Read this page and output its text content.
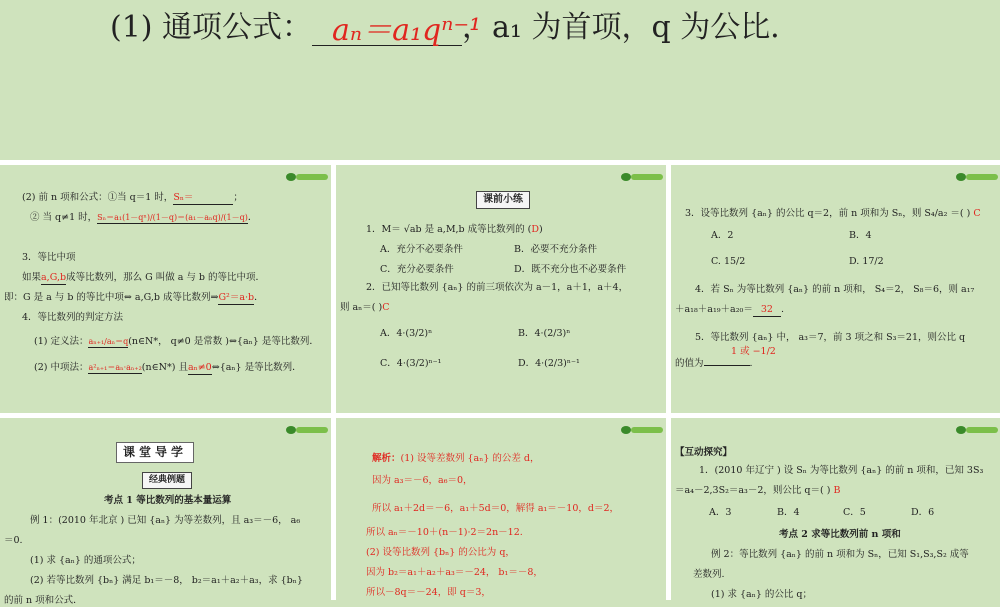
(1) 通项公式： aₙ＝a₁qⁿ⁻¹
，a₁ 为首项，q 为公比．

(2) 前 n 项和公式：①当 q＝1 时，Sₙ＝	；

② 当 q≠1 时，Sₙ＝a₁(1－qⁿ)/(1－q)＝(a₁－aₙq)/(1－q)．

3．等比中项

如果a,G,b成等比数列，那么 G 叫做 a 与 b 的等比中项．

即：G 是 a 与 b 的等比中项⇔ a,G,b 成等比数列⇒G²＝a·b．

4．等比数列的判定方法

(1) 定义法：aₙ₊₁/aₙ＝q(n∈N*， q≠0 是常数 )⇔{aₙ} 是等比数列．

(2) 中项法：a²ₙ₊₁＝aₙ·aₙ₊₂(n∈N*) 且aₙ≠0⇔{aₙ} 是等比数列．

课前小练

1．M＝ √ab 是 a,M,b 成等比数列的 (D)

A．充分不必要条件	B．必要不充分条件

C．充分必要条件	D．既不充分也不必要条件

2．已知等比数列 {aₙ} 的前三项依次为 a－1，a＋1，a＋4，

则 aₙ＝( )C

A．4·(3/2)ⁿ	B．4·(2/3)ⁿ

C．4·(3/2)ⁿ⁻¹	D．4·(2/3)ⁿ⁻¹

3．设等比数列 {aₙ} 的公比 q＝2，前 n 项和为 Sₙ，则 S₄/a₂ ＝( ) C

A．2	B．4

C. 15/2	D. 17/2

4．若 Sₙ 为等比数列 {aₙ} 的前 n 项和， S₄＝2， S₈＝6，则 a₁₇

＋a₁₈＋a₁₉＋a₂₀＝ 32 .

5．等比数列 {aₙ} 中， a₃＝7，前 3 项之和 S₃＝21，则公比 q

1 或 −1/2

的值为	.

课堂导学
经典例题

考点 1 等比数列的基本量运算

例 1：(2010 年北京 ) 已知 {aₙ} 为等差数列，且 a₃＝－6， a₆

＝0.

(1) 求 {aₙ} 的通项公式；

(2) 若等比数列 {bₙ} 满足 b₁＝－8， b₂＝a₁＋a₂＋a₃，求 {bₙ}

的前 n 项和公式．

解析：(1) 设等差数列 {aₙ} 的公差 d，

因为 a₃＝－6，a₆＝0，

所以 a₁＋2d＝－6，a₁＋5d＝0，解得 a₁＝－10，d＝2，

所以 aₙ＝－10＋(n－1)·2＝2n－12.

(2) 设等比数列 {bₙ} 的公比为 q，

因为 b₂＝a₁＋a₂＋a₃＝－24， b₁＝－8，

所以－8q＝－24，即 q＝3，

【互动探究】

1．(2010 年辽宁 ) 设 Sₙ 为等比数列 {aₙ} 的前 n 项和，已知 3S₃

＝a₄－2,3S₂＝a₃－2，则公比 q＝( ) B

A．3	B．4	C．5	D．6

考点 2 求等比数列前 n 项和

例 2：等比数列 {aₙ} 的前 n 项和为 Sₙ，已知 S₁,S₃,S₂ 成等

差数列.

(1) 求 {aₙ} 的公比 q；
